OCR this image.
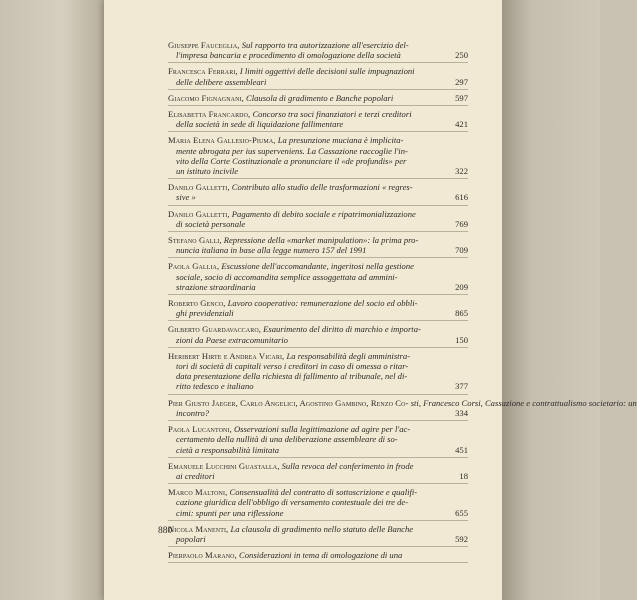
Giuseppe Fauceglia, Sul rapporto tra autorizzazione all'esercizio del-
l'impresa bancaria e procedimento di omologazione della società	250
Francesca Ferrari, I limiti oggettivi delle decisioni sulle impugnazioni
delle delibere assembleari	297
Giacomo Fignagnani, Clausola di gradimento e Banche popolari	597
Elisabetta Francardo, Concorso tra soci finanziatori e terzi creditori
della società in sede di liquidazione fallimentare	421
Maria Elena Gallesio-Piuma, La presunzione muciana è implicita-
mente abrogata per ius superveniens. La Cassazione raccoglie l'in-
vito della Corte Costituzionale a pronunciare il «de profundis» per
un istituto incivile	322
Danilo Galletti, Contributo allo studio delle trasformazioni « regres-
sive »	616
Danilo Galletti, Pagamento di debito sociale e ripatrimonializzazione
di società personale	769
Stefano Galli, Repressione della «market manipulation»: la prima pro-
nuncia italiana in base alla legge numero 157 del 1991	709
Paola Gallia, Escussione dell'accomandante, ingeritosi nella gestione
sociale, socio di accomandita semplice assoggettata ad ammini-
strazione straordinaria	209
Roberto Genco, Lavoro cooperativo: remunerazione del socio ed obbli-
ghi previdenziali	865
Gilberto Guardavaccaro, Esaurimento del diritto di marchio e importa-
zioni da Paese extracomunitario	150
Heribert Hirte e Andrea Vicari, La responsabilità degli amministra-
tori di società di capitali verso i creditori in caso di omessa o ritar-
data presentazione della richiesta di fallimento al tribunale, nel di-
ritto tedesco e italiano	377
Pier Giusto Jaeger, Carlo Angelici, Agostino Gambino, Renzo Co- sti, Francesco Corsi, Cassazione e contrattualismo societario: un
incontro?	334
Paola Lucantoni, Osservazioni sulla legittimazione ad agire per l'ac-
certamento della nullità di una deliberazione assembleare di so-
cietà a responsabilità limitata	451
Emanuele Lucchini Guastalla, Sulla revoca del conferimento in frode
ai creditori	18
Marco Maltoni, Consensualità del contratto di sottoscrizione e qualifi-
cazione giuridica dell'obbligo di versamento contestuale dei tre de-
cimi: spunti per una riflessione	655
Nicola Manenti, La clausola di gradimento nello statuto delle Banche
popolari	592
Pierpaolo Marano, Considerazioni in tema di omologazione di una
880
